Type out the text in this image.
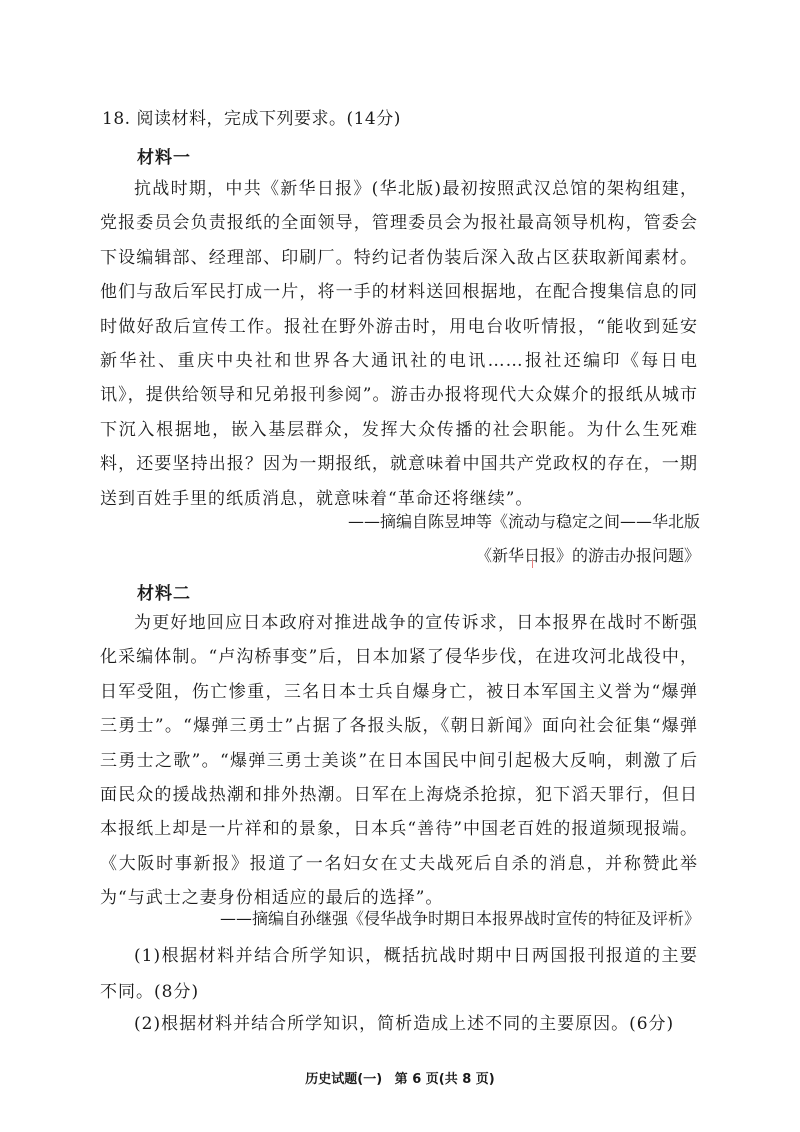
18. 阅读材料，完成下列要求。(14分)
材料一
抗战时期，中共《新华日报》(华北版)最初按照武汉总馆的架构组建，党报委员会负责报纸的全面领导，管理委员会为报社最高领导机构，管委会下设编辑部、经理部、印刷厂。特约记者伪装后深入敌占区获取新闻素材。他们与敌后军民打成一片，将一手的材料送回根据地，在配合搜集信息的同时做好敌后宣传工作。报社在野外游击时，用电台收听情报，“能收到延安新华社、重庆中央社和世界各大通讯社的电讯……报社还编印《每日电讯》，提供给领导和兄弟报刊参阅”。游击办报将现代大众媒介的报纸从城市下沉入根据地，嵌入基层群众，发挥大众传播的社会职能。为什么生死难料，还要坚持出报？因为一期报纸，就意味着中国共产党政权的存在，一期送到百姓手里的纸质消息，就意味着“革命还将继续”。
——摘编自陈昱坤等《流动与稳定之间——华北版
《新华日报》的游击办报问题》
材料二
为更好地回应日本政府对推进战争的宣传诉求，日本报界在战时不断强化采编体制。“卢沟桥事变”后，日本加紧了侵华步伐，在进攻河北战役中，日军受阻，伤亡惨重，三名日本士兵自爆身亡，被日本军国主义誉为“爆弹三勇士”。“爆弹三勇士”占据了各报头版，《朝日新闻》面向社会征集“爆弹三勇士之歌”。“爆弹三勇士美谈”在日本国民中间引起极大反响，刺激了后面民众的援战热潮和排外热潮。日军在上海烧杀抢掠，犯下滔天罪行，但日本报纸上却是一片祥和的景象，日本兵“善待”中国老百姓的报道频现报端。《大阪时事新报》报道了一名妇女在丈夫战死后自杀的消息，并称赞此举为“与武士之妻身份相适应的最后的选择”。
——摘编自孙继强《侵华战争时期日本报界战时宣传的特征及评析》
(1)根据材料并结合所学知识，概括抗战时期中日两国报刊报道的主要不同。(8分)
(2)根据材料并结合所学知识，简析造成上述不同的主要原因。(6分)
历史试题(一) 第 6 页(共 8 页)
